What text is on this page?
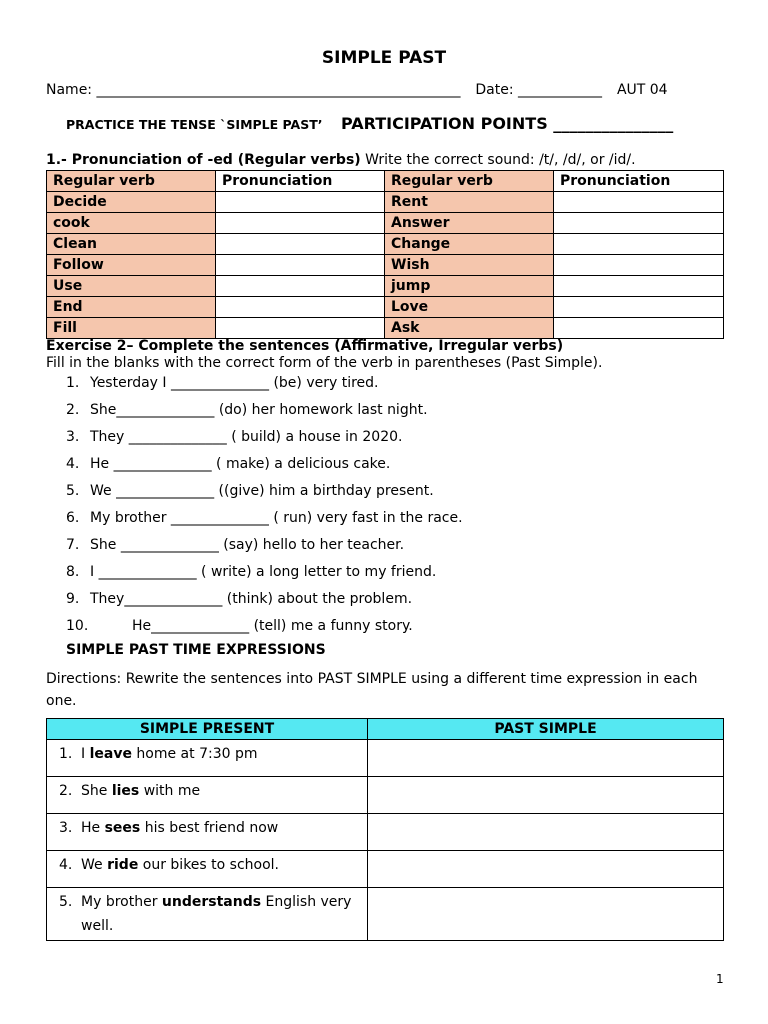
SIMPLE PAST
Name: ____________________________________________________ Date: ____________ AUT 04
PRACTICE THE TENSE `SIMPLE PAST’ PARTICIPATION POINTS _______________
1.- Pronunciation of -ed (Regular verbs) Write the correct sound: /t/, /d/, or /id/.
Regular verb	Pronunciation	Regular verb	Pronunciation
Decide		Rent	
cook		Answer	
Clean		Change	
Follow		Wish	
Use		jump	
End		Love	
Fill		Ask	
Exercise 2– Complete the sentences (Affirmative, Irregular verbs)
Fill in the blanks with the correct form of the verb in parentheses (Past Simple).
1. Yesterday I ______________ (be) very tired.
2. She______________ (do) her homework last night.
3. They ______________ ( build) a house in 2020.
4. He ______________ ( make) a delicious cake.
5. We ______________ ((give) him a birthday present.
6. My brother ______________ ( run) very fast in the race.
7. She ______________ (say) hello to her teacher.
8. I ______________ ( write) a long letter to my friend.
9. They______________ (think) about the problem.
10.	He______________ (tell) me a funny story.
SIMPLE PAST TIME EXPRESSIONS
Directions: Rewrite the sentences into PAST SIMPLE using a different time expression in each one.
SIMPLE PRESENT	PAST SIMPLE

1. I leave home at 7:30 pm	

2. She lies with me	

3. He sees his best friend now	

4. We ride our bikes to school.	

5. My brother understands English very
well.	

1
